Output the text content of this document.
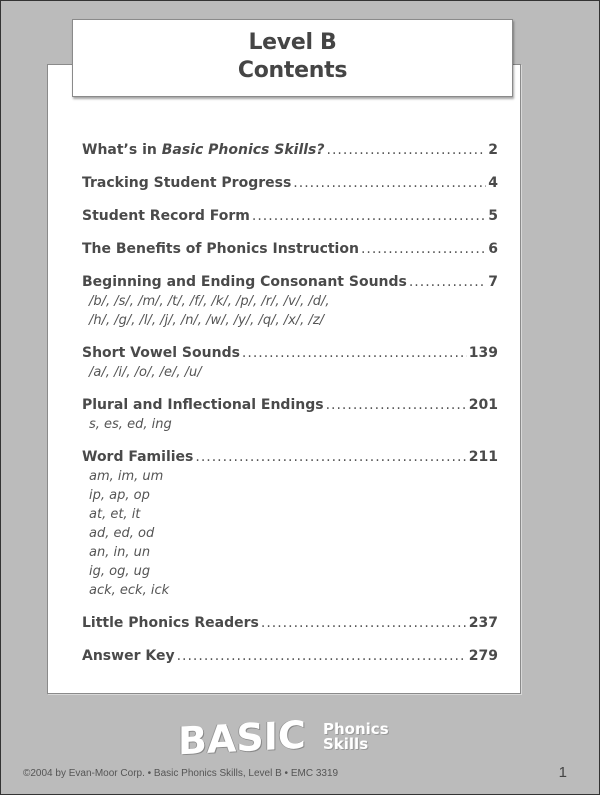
Level B
Contents
What’s in Basic Phonics Skills? .....	2
Tracking Student Progress .....	4
Student Record Form .....	5
The Benefits of Phonics Instruction .....	6
Beginning and Ending Consonant Sounds .....	7
/b/, /s/, /m/, /t/, /f/, /k/, /p/, /r/, /v/, /d/,
/h/, /g/, /l/, /j/, /n/, /w/, /y/, /q/, /x/, /z/
Short Vowel Sounds .....	139
/a/, /i/, /o/, /e/, /u/
Plural and Inflectional Endings .....	201
s, es, ed, ing
Word Families .....	211
am, im, um
ip, ap, op
at, et, it
ad, ed, od
an, in, un
ig, og, ug
ack, eck, ick
Little Phonics Readers .....	237
Answer Key .....	279
BASIC Phonics
Skills
©2004 by Evan-Moor Corp. • Basic Phonics Skills, Level B • EMC 3319	1
